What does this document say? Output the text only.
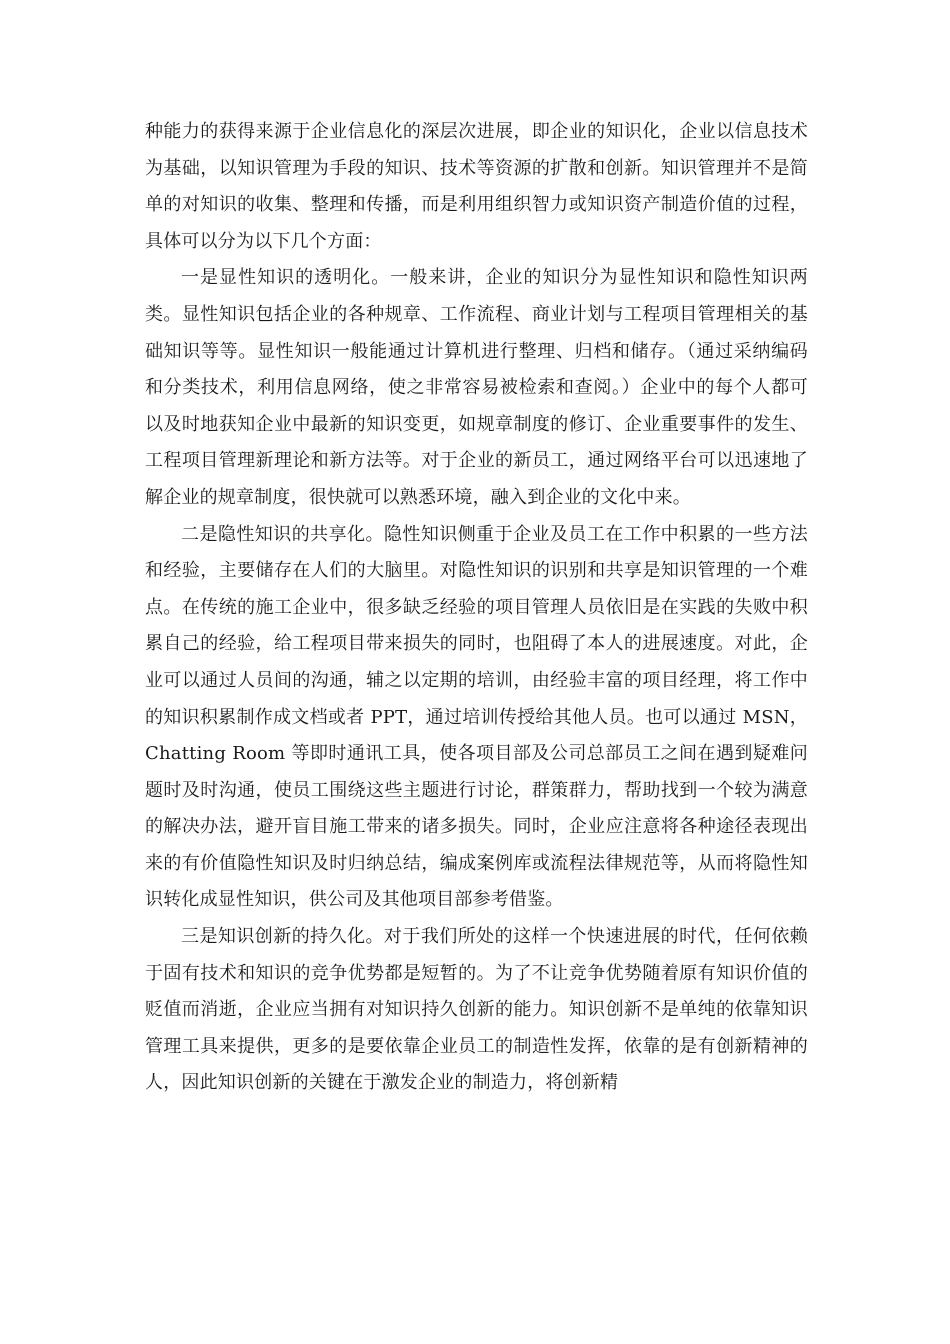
种能力的获得来源于企业信息化的深层次进展，即企业的知识化，企业以信息技术为基础，以知识管理为手段的知识、技术等资源的扩散和创新。知识管理并不是简单的对知识的收集、整理和传播，而是利用组织智力或知识资产制造价值的过程，具体可以分为以下几个方面：

一是显性知识的透明化。一般来讲，企业的知识分为显性知识和隐性知识两类。显性知识包括企业的各种规章、工作流程、商业计划与工程项目管理相关的基础知识等等。显性知识一般能通过计算机进行整理、归档和储存。（通过采纳编码和分类技术，利用信息网络，使之非常容易被检索和查阅。）企业中的每个人都可以及时地获知企业中最新的知识变更，如规章制度的修订、企业重要事件的发生、工程项目管理新理论和新方法等。对于企业的新员工，通过网络平台可以迅速地了解企业的规章制度，很快就可以熟悉环境，融入到企业的文化中来。

二是隐性知识的共享化。隐性知识侧重于企业及员工在工作中积累的一些方法和经验，主要储存在人们的大脑里。对隐性知识的识别和共享是知识管理的一个难点。在传统的施工企业中，很多缺乏经验的项目管理人员依旧是在实践的失败中积累自己的经验，给工程项目带来损失的同时，也阻碍了本人的进展速度。对此，企业可以通过人员间的沟通，辅之以定期的培训，由经验丰富的项目经理，将工作中的知识积累制作成文档或者 PPT，通过培训传授给其他人员。也可以通过 MSN，Chatting Room 等即时通讯工具，使各项目部及公司总部员工之间在遇到疑难问题时及时沟通，使员工围绕这些主题进行讨论，群策群力，帮助找到一个较为满意的解决办法，避开盲目施工带来的诸多损失。同时，企业应注意将各种途径表现出来的有价值隐性知识及时归纳总结，编成案例库或流程法律规范等，从而将隐性知识转化成显性知识，供公司及其他项目部参考借鉴。

三是知识创新的持久化。对于我们所处的这样一个快速进展的时代，任何依赖于固有技术和知识的竞争优势都是短暂的。为了不让竞争优势随着原有知识价值的贬值而消逝，企业应当拥有对知识持久创新的能力。知识创新不是单纯的依靠知识管理工具来提供，更多的是要依靠企业员工的制造性发挥，依靠的是有创新精神的人，因此知识创新的关键在于激发企业的制造力，将创新精
